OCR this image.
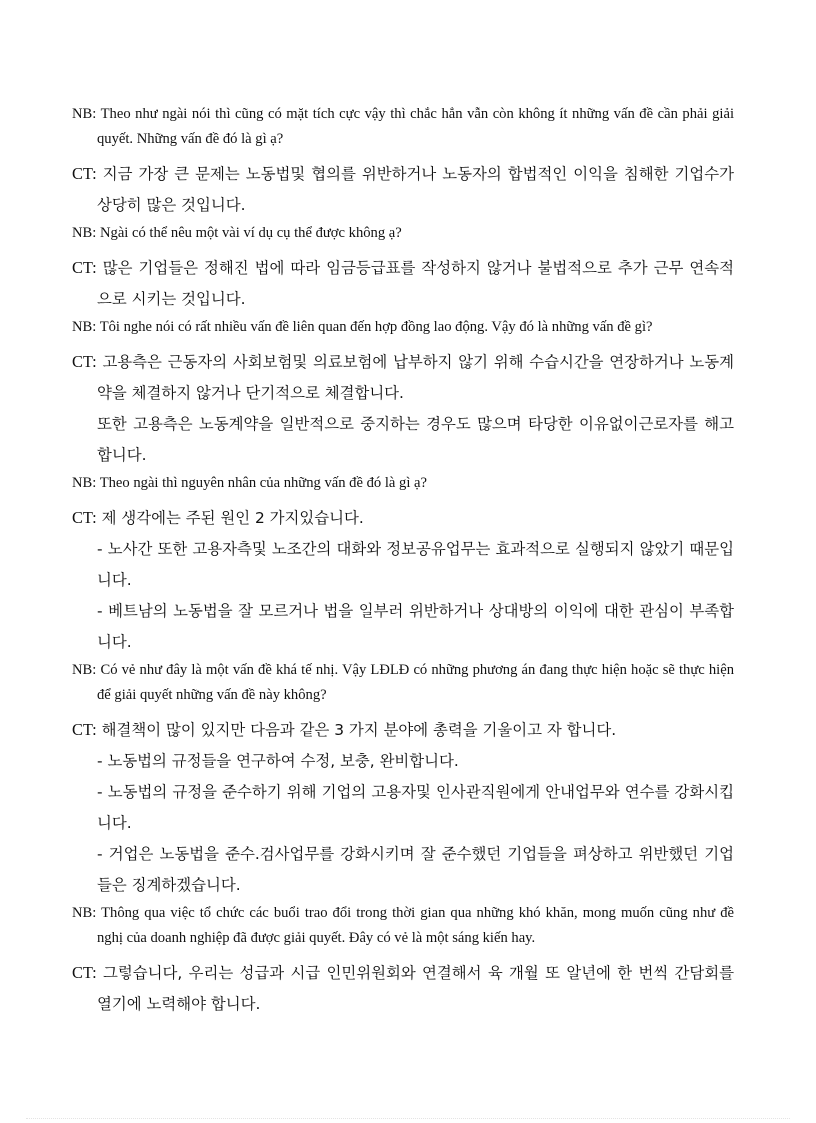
NB: Theo như ngài nói thì cũng có mặt tích cực vậy thì chắc hẳn vẫn còn không ít những vấn đề cần phải giải quyết. Những vấn đề đó là gì ạ?

CT: 지금 가장 큰 문제는 노동법및 협의를 위반하거나 노동자의 합법적인 이익을 침해한 기업수가 상당히 많은 것입니다.

NB: Ngài có thể nêu một vài ví dụ cụ thể được không ạ?

CT: 많은 기업들은 정해진 법에 따라 임금등급표를 작성하지 않거나 불법적으로 추가 근무 연속적으로 시키는 것입니다.

NB: Tôi nghe nói có rất nhiều vấn đề liên quan đến hợp đồng lao động. Vậy đó là những vấn đề gì?

CT: 고용측은 근동자의 사회보험및 의료보험에 납부하지 않기 위해 수습시간을 연장하거나 노동계약을 체결하지 않거나 단기적으로 체결합니다.

또한 고용측은 노동계약을 일반적으로 중지하는 경우도 많으며 타당한 이유없이근로자를 해고합니다.

NB: Theo ngài thì nguyên nhân của những vấn đề đó là gì ạ?

CT: 제 생각에는 주된 원인 2 가지있습니다.

- 노사간 또한 고용자측및 노조간의 대화와 정보공유업무는 효과적으로 실행되지 않았기 때문입니다.

- 베트남의 노동법을 잘 모르거나 법을 일부러 위반하거나 상대방의 이익에 대한 관심이 부족합니다.

NB: Có vẻ như đây là một vấn đề khá tế nhị. Vậy LĐLĐ có những phương án đang thực hiện hoặc sẽ thực hiện để giải quyết những vấn đề này không?

CT: 해결책이 많이 있지만 다음과 같은 3 가지 분야에 총력을 기울이고 자 합니다.

- 노동법의 규정들을 연구하여 수정, 보충, 완비합니다.

- 노동법의 규정을 준수하기 위해 기업의 고용자및 인사관직원에게 안내업무와 연수를 강화시킵니다.

- 거업은 노동법을 준수.검사업무를 강화시키며 잘 준수했던 기업들을 펴상하고 위반했던 기업들은 징계하겠습니다.

NB: Thông qua việc tổ chức các buổi trao đổi trong thời gian qua những khó khăn, mong muốn cũng như đề nghị của doanh nghiệp đã được giải quyết. Đây có vẻ là một sáng kiến hay.

CT: 그렇습니다, 우리는 성급과 시급 인민위원회와 연결해서 육 개월 또 알년에 한 번씩 간담회를 열기에 노력해야 합니다.
